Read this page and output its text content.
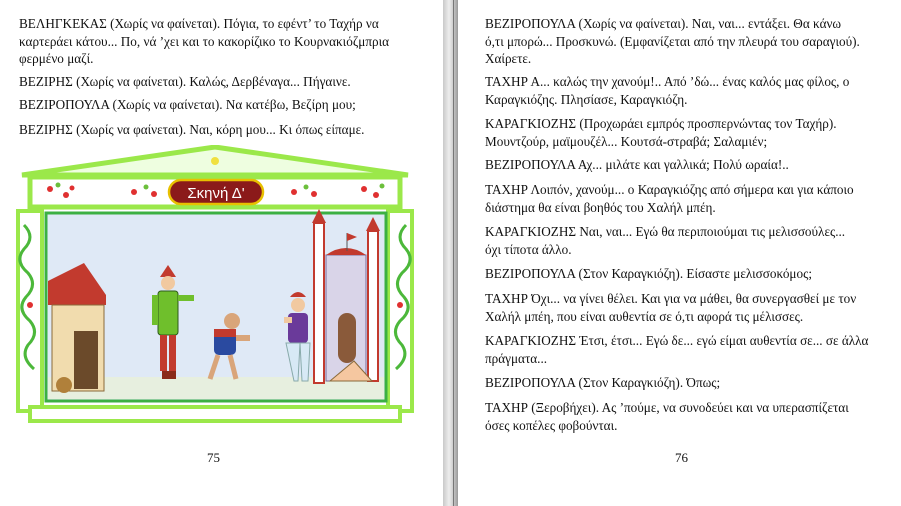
ΒΕΛΗΓΚΕΚΑΣ (Χωρίς να φαίνεται). Πόγια, το εφέντ’ το Ταχήρ να
καρτεράει κάτου... Πο, νά ’χει και το κακορίζικο το Κουρνακιόζμπρια
φερμένο μαζί.

ΒΕΖΙΡΗΣ (Χωρίς να φαίνεται). Καλώς, Δερβέναγα... Πήγαινε.

ΒΕΖΙΡΟΠΟΥΛΑ (Χωρίς να φαίνεται). Να κατέβω, Βεζίρη μου;

ΒΕΖΙΡΗΣ (Χωρίς να φαίνεται). Ναι, κόρη μου... Κι όπως είπαμε.

Σκηνή Δ'
75

ΒΕΖΙΡΟΠΟΥΛΑ (Χωρίς να φαίνεται). Ναι, ναι... εντάξει. Θα κάνω
ό,τι μπορώ... Προσκυνώ. (Εμφανίζεται από την πλευρά του σαραγιού).
Χαίρετε.

ΤΑΧΗΡ Α... καλώς την χανούμ!.. Από ’δώ... ένας καλός μας φίλος, ο
Καραγκιόζης. Πλησίασε, Καραγκιόζη.

ΚΑΡΑΓΚΙΟΖΗΣ (Προχωράει εμπρός προσπερνώντας τον Ταχήρ).
Μουντζούρ, μαϊμουζέλ... Κουτσά-στραβά; Σαλαμιέν;

ΒΕΖΙΡΟΠΟΥΛΑ Αχ... μιλάτε και γαλλικά; Πολύ ωραία!..

ΤΑΧΗΡ Λοιπόν, χανούμ... ο Καραγκιόζης από σήμερα και για κάποιο
διάστημα θα είναι βοηθός του Χαλήλ μπέη.

ΚΑΡΑΓΚΙΟΖΗΣ Ναι, ναι... Εγώ θα περιποιούμαι τις μελισσούλες...
όχι τίποτα άλλο.

ΒΕΖΙΡΟΠΟΥΛΑ (Στον Καραγκιόζη). Είσαστε μελισσοκόμος;

ΤΑΧΗΡ Όχι... να γίνει θέλει. Και για να μάθει, θα συνεργασθεί με τον
Χαλήλ μπέη, που είναι αυθεντία σε ό,τι αφορά τις μέλισσες.

ΚΑΡΑΓΚΙΟΖΗΣ Έτσι, έτσι... Εγώ δε... εγώ είμαι αυθεντία σε... σε άλλα
πράγματα...

ΒΕΖΙΡΟΠΟΥΛΑ (Στον Καραγκιόζη). Όπως;

ΤΑΧΗΡ (Ξεροβήχει). Ας ’πούμε, να συνοδεύει και να υπερασπίζεται
όσες κοπέλες φοβούνται.

76
